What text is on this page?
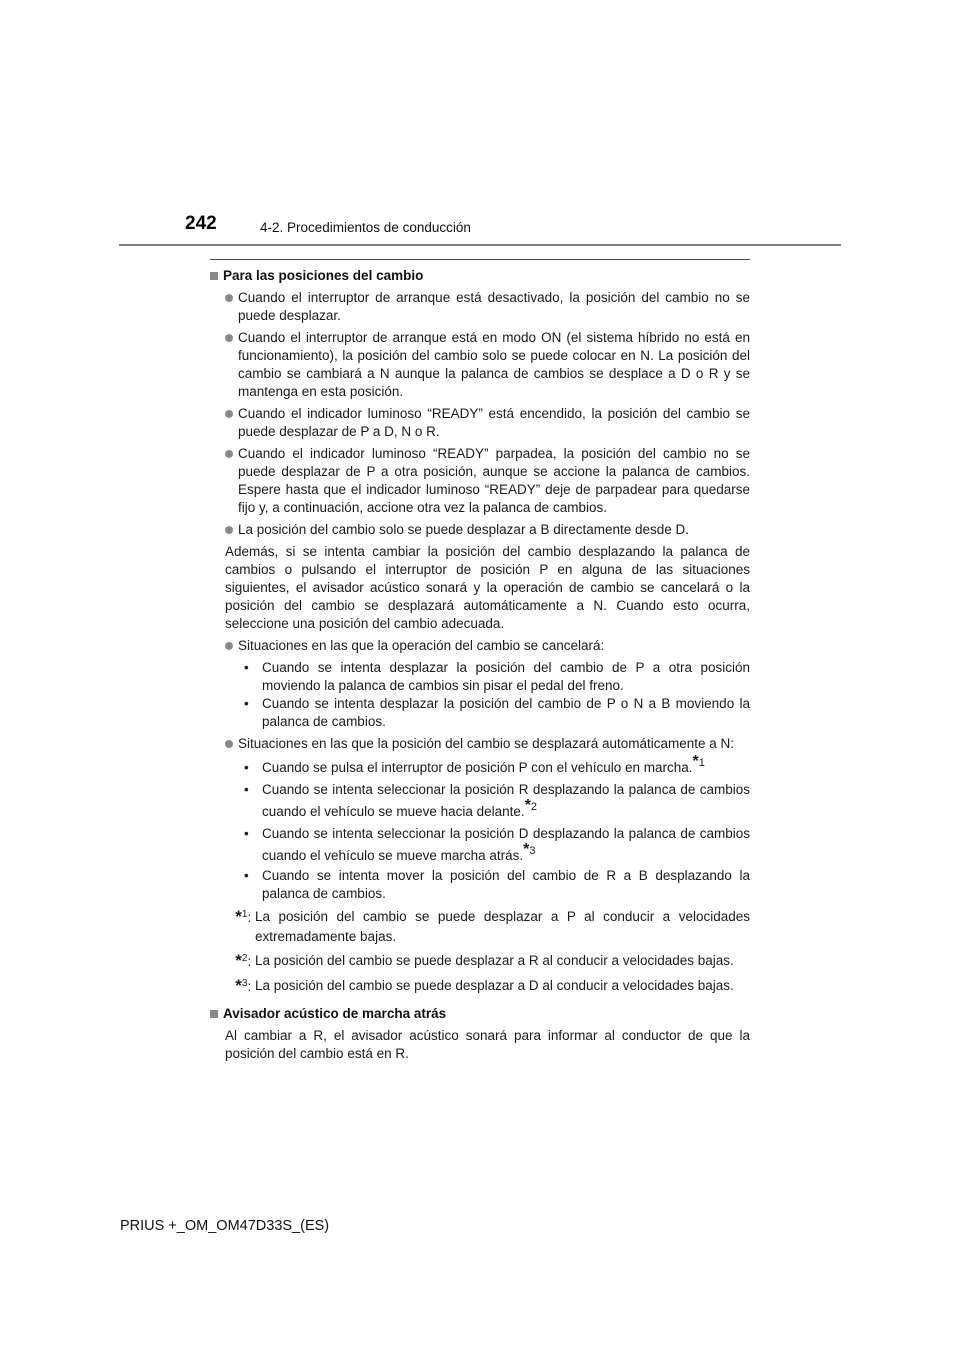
242	4-2. Procedimientos de conducción
Para las posiciones del cambio
Cuando el interruptor de arranque está desactivado, la posición del cambio no se puede desplazar.
Cuando el interruptor de arranque está en modo ON (el sistema híbrido no está en funcionamiento), la posición del cambio solo se puede colocar en N. La posición del cambio se cambiará a N aunque la palanca de cambios se desplace a D o R y se mantenga en esta posición.
Cuando el indicador luminoso “READY” está encendido, la posición del cambio se puede desplazar de P a D, N o R.
Cuando el indicador luminoso “READY” parpadea, la posición del cambio no se puede desplazar de P a otra posición, aunque se accione la palanca de cambios. Espere hasta que el indicador luminoso “READY” deje de parpadear para quedarse fijo y, a continuación, accione otra vez la palanca de cambios.
La posición del cambio solo se puede desplazar a B directamente desde D.
Además, si se intenta cambiar la posición del cambio desplazando la palanca de cambios o pulsando el interruptor de posición P en alguna de las situaciones siguientes, el avisador acústico sonará y la operación de cambio se cancelará o la posición del cambio se desplazará automáticamente a N. Cuando esto ocurra, seleccione una posición del cambio adecuada.
Situaciones en las que la operación del cambio se cancelará:
• Cuando se intenta desplazar la posición del cambio de P a otra posición moviendo la palanca de cambios sin pisar el pedal del freno.
• Cuando se intenta desplazar la posición del cambio de P o N a B moviendo la palanca de cambios.
Situaciones en las que la posición del cambio se desplazará automáticamente a N:
• Cuando se pulsa el interruptor de posición P con el vehículo en marcha.$^{*1}$
• Cuando se intenta seleccionar la posición R desplazando la palanca de cambios cuando el vehículo se mueve hacia delante.$^{*2}$
• Cuando se intenta seleccionar la posición D desplazando la palanca de cambios cuando el vehículo se mueve marcha atrás.$^{*3}$
• Cuando se intenta mover la posición del cambio de R a B desplazando la palanca de cambios.
*$^1$: La posición del cambio se puede desplazar a P al conducir a velocidades extremadamente bajas.
*$^2$: La posición del cambio se puede desplazar a R al conducir a velocidades bajas.
*$^3$: La posición del cambio se puede desplazar a D al conducir a velocidades bajas.
Avisador acústico de marcha atrás
Al cambiar a R, el avisador acústico sonará para informar al conductor de que la posición del cambio está en R.
PRIUS +_OM_OM47D33S_(ES)
